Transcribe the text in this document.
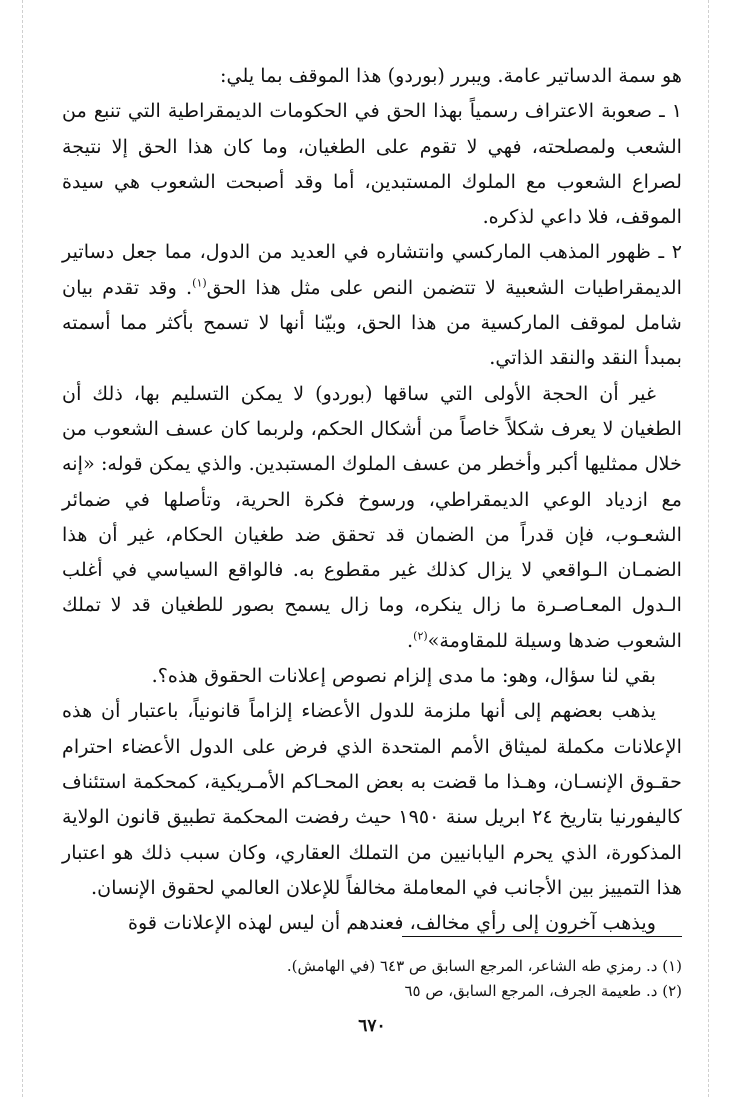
هو سمة الدساتير عامة. ويبرر (بوردو) هذا الموقف بما يلي:

١ ـ صعوبة الاعتراف رسمياً بهذا الحق في الحكومات الديمقراطية التي تنبع من الشعب ولمصلحته، فهي لا تقوم على الطغيان، وما كان هذا الحق إلا نتيجة لصراع الشعوب مع الملوك المستبدين، أما وقد أصبحت الشعوب هي سيدة الموقف، فلا داعي لذكره.

٢ ـ ظهور المذهب الماركسي وانتشاره في العديد من الدول، مما جعل دساتير الديمقراطيات الشعبية لا تتضمن النص على مثل هذا الحق$^{(١)}$. وقد تقدم بيان شامل لموقف الماركسية من هذا الحق، وبيّنا أنها لا تسمح بأكثر مما أسمته بمبدأ النقد والنقد الذاتي.

غير أن الحجة الأولى التي ساقها (بوردو) لا يمكن التسليم بها، ذلك أن الطغيان لا يعرف شكلاً خاصاً من أشكال الحكم، ولربما كان عسف الشعوب من خلال ممثليها أكبر وأخطر من عسف الملوك المستبدين. والذي يمكن قوله: «إنه مع ازدياد الوعي الديمقراطي، ورسوخ فكرة الحرية، وتأصلها في ضمائر الشعـوب، فإن قدراً من الضمان قد تحقق ضد طغيان الحكام، غير أن هذا الضمـان الـواقعي لا يزال كذلك غير مقطوع به. فالواقع السياسي في أغلب الـدول المعـاصـرة ما زال ينكره، وما زال يسمح بصور للطغيان قد لا تملك الشعوب ضدها وسيلة للمقاومة»$^{(٢)}$.

بقي لنا سؤال، وهو: ما مدى إلزام نصوص إعلانات الحقوق هذه؟.

يذهب بعضهم إلى أنها ملزمة للدول الأعضاء إلزاماً قانونياً، باعتبار أن هذه الإعلانات مكملة لميثاق الأمم المتحدة الذي فرض على الدول الأعضاء احترام حقـوق الإنسـان، وهـذا ما قضت به بعض المحـاكم الأمـريكية، كمحكمة استئناف كاليفورنيا بتاريخ ٢٤ ابريل سنة ١٩٥٠ حيث رفضت المحكمة تطبيق قانون الولاية المذكورة، الذي يحرم اليابانيين من التملك العقاري، وكان سبب ذلك هو اعتبار هذا التمييز بين الأجانب في المعاملة مخالفاً للإعلان العالمي لحقوق الإنسان.

ويذهب آخرون إلى رأي مخالف، فعندهم أن ليس لهذه الإعلانات قوة

(١) د. رمزي طه الشاعر، المرجع السابق ص ٦٤٣ (في الهامش).

(٢) د. طعيمة الجرف، المرجع السابق، ص ٦٥

٦٧٠
